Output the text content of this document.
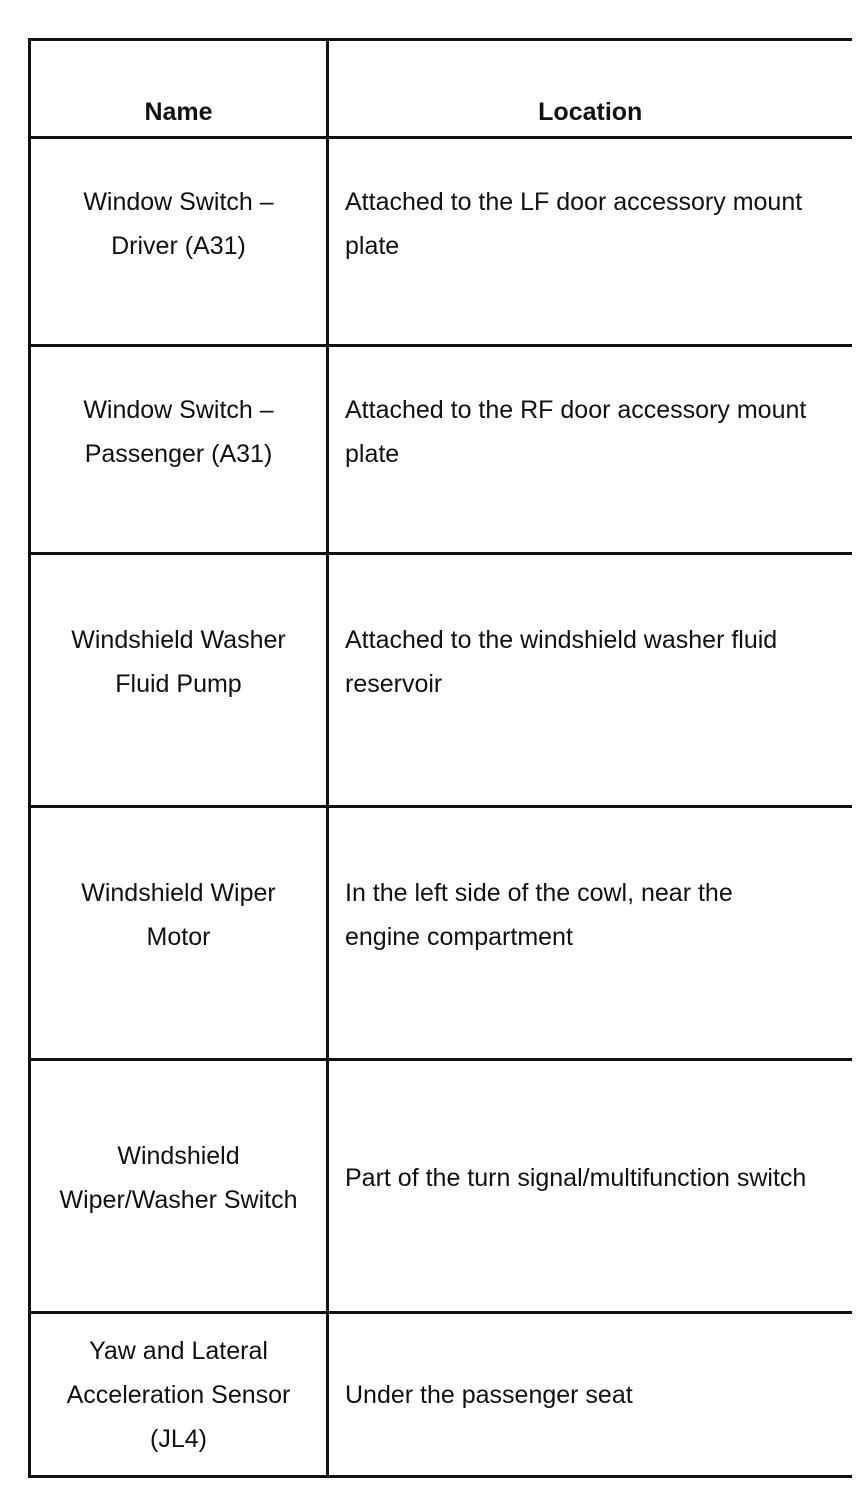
Name	Location

Window Switch – Driver (A31)	Attached to the LF door accessory mount plate

Window Switch – Passenger (A31)	Attached to the RF door accessory mount plate

Windshield Washer Fluid Pump	Attached to the windshield washer fluid reservoir

Windshield Wiper Motor	In the left side of the cowl, near the engine compartment

Windshield Wiper/Washer Switch	Part of the turn signal/multifunction switch

Yaw and Lateral Acceleration Sensor (JL4)	Under the passenger seat
